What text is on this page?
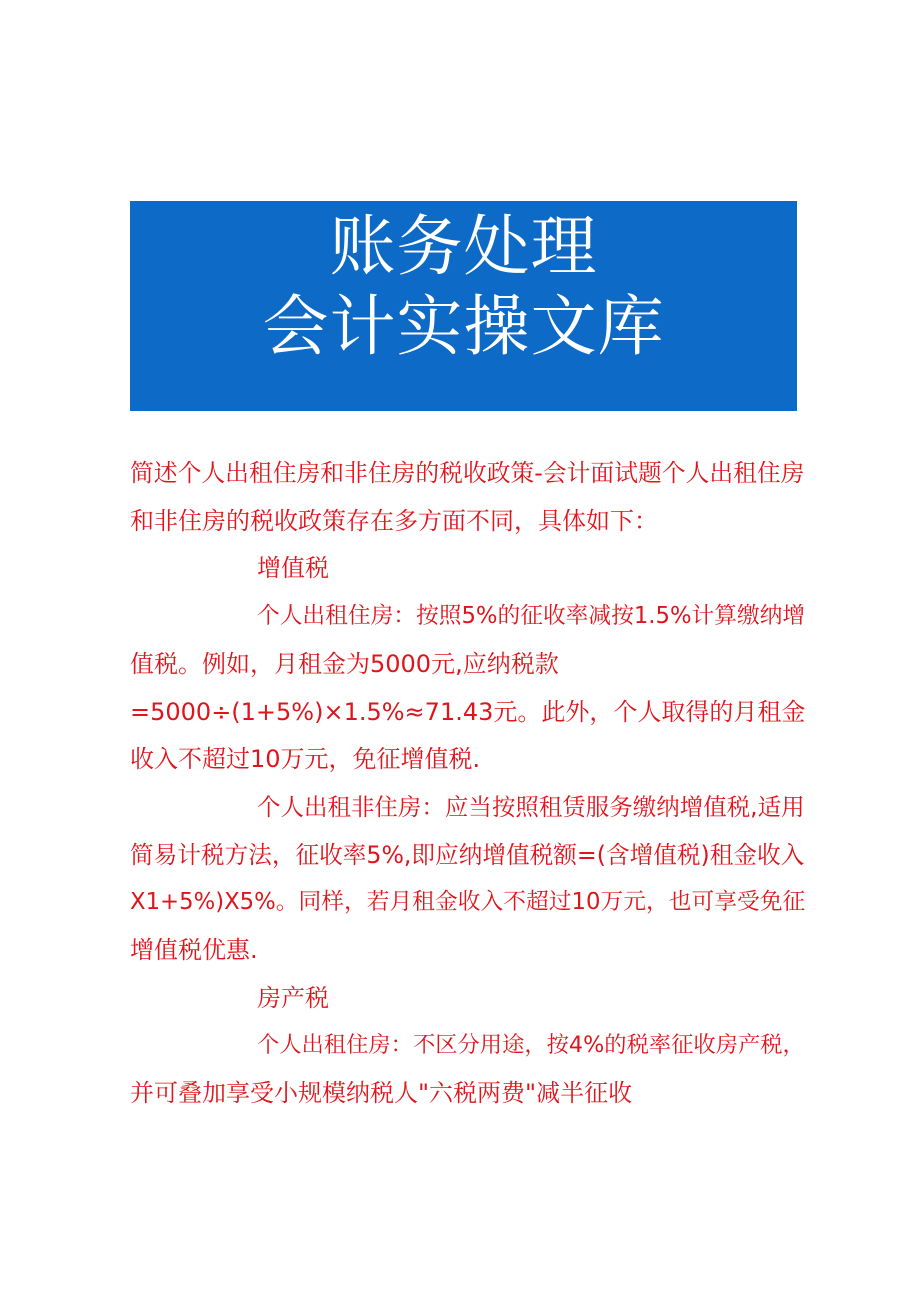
账务处理
会计实操文库
简述个人出租住房和非住房的税收政策-会计面试题个人出租住房
和非住房的税收政策存在多方面不同，具体如下：
增值税
个人出租住房：按照5%的征收率减按1.5%计算缴纳增
值税。例如，月租金为5000元,应纳税款
=5000÷(1+5%)×1.5%≈71.43元。此外，个人取得的月租金
收入不超过10万元，免征增值税.
个人出租非住房：应当按照租赁服务缴纳增值税,适用
简易计税方法，征收率5%,即应纳增值税额=(含增值税)租金收入
X1+5%)X5%。同样，若月租金收入不超过10万元，也可享受免征
增值税优惠.
房产税
个人出租住房：不区分用途，按4%的税率征收房产税，
并可叠加享受小规模纳税人"六税两费"减半征收
